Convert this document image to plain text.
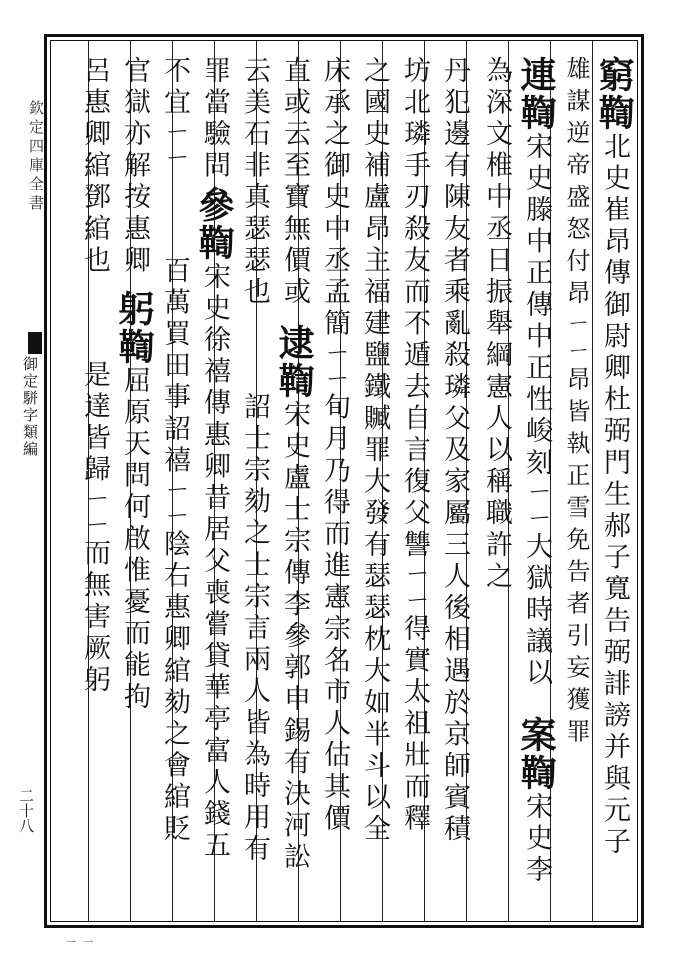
欽定四庫全書
御定駢字類編
二十八
窮鞫北史崔昂傳御尉卿杜弼門生郝子寬告弼誹謗并與元子
雄謀逆帝盛怒付昂ㄧㄧ昂皆執正雪免告者引妄獲罪
連鞫宋史滕中正傳中正性峻刻ㄧㄧ大獄時議以
為深文椎中丞日振舉綱憲人以稱職許之
案鞫宋史李
丹犯邊有陳友者乘亂殺璘父及家屬三人後相遇於京師賓積
坊北璘手刃殺友而不遁去自言復父讐ㄧㄧ得實太祖壯而釋
之國史補盧昂主福建鹽鐵贓罪大發有瑟瑟枕大如半斗以全
床承之御史中丞孟簡ㄧㄧ旬月乃得而進憲宗名市人估其價
直或云至寶無價或
逮鞫宋史盧士宗傳李參郭申錫有決河訟
云美石非真瑟瑟也
詔士宗劾之士宗言兩人皆為時用有
罪當驗問
參鞫宋史徐禧傳惠卿昔居父喪嘗貸華亭富人錢五
不宜ㄧㄧ
百萬買田事詔禧ㄧㄧ陰右惠卿綰劾之會綰貶
官獄亦解按惠卿
躬鞫屈原天問何啟惟憂而能拘
呂惠卿綰鄧綰也
是達皆歸ㄧㄧ而無害厥躬
一 一
